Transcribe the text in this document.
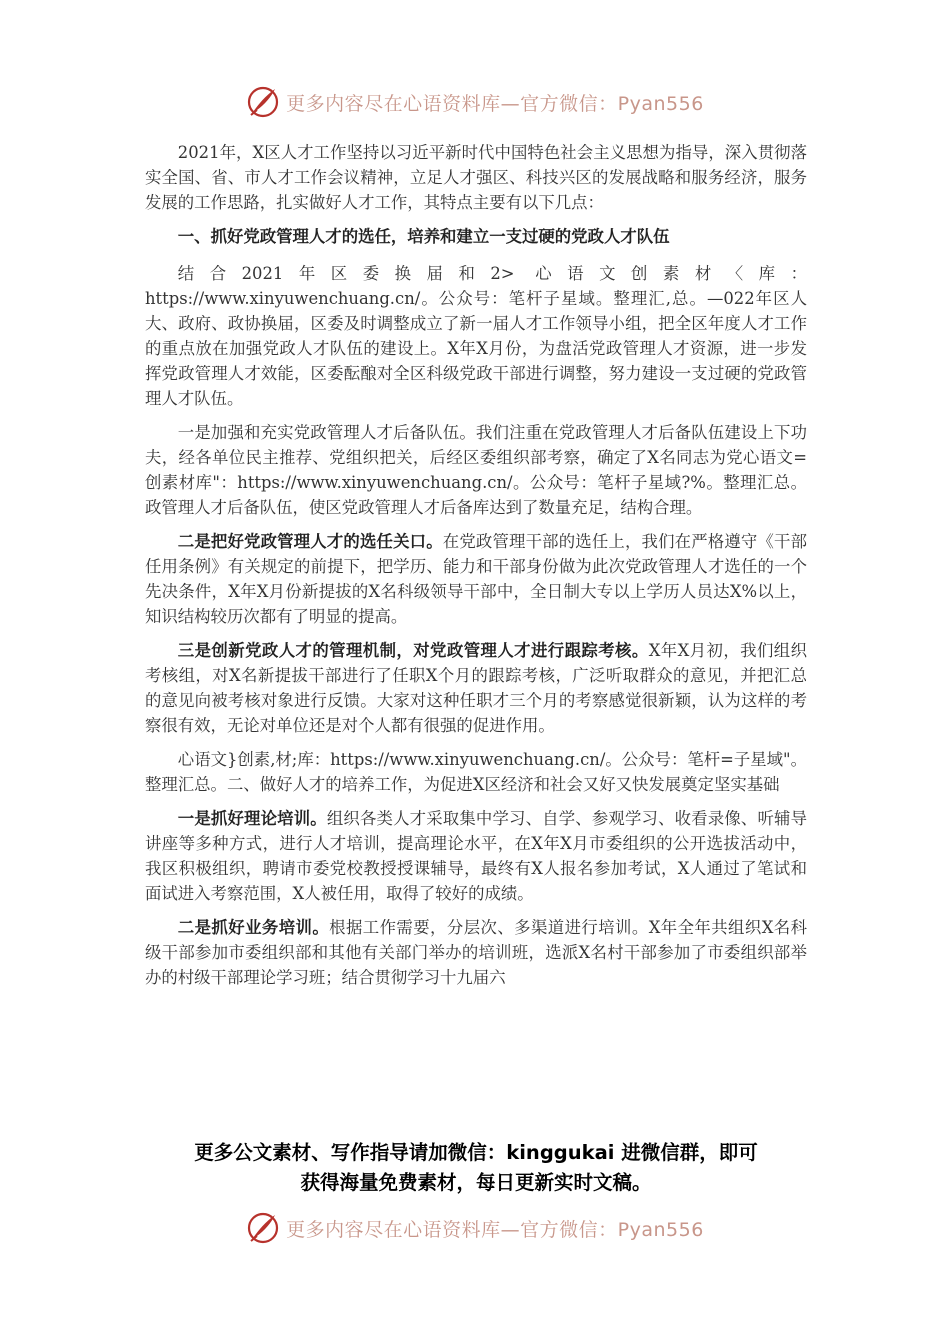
更多内容尽在心语资料库—官方微信：Pyan556

2021年，X区人才工作坚持以习近平新时代中国特色社会主义思想为指导，深入贯彻落实全国、省、市人才工作会议精神，立足人才强区、科技兴区的发展战略和服务经济，服务发展的工作思路，扎实做好人才工作，其特点主要有以下几点：

一、抓好党政管理人才的选任，培养和建立一支过硬的党政人才队伍

结合2021年区委换届和2> 心语文创素材〈库：https://www.xinyuwenchuang.cn/。公众号：笔杆子星域。整理汇,总。—022年区人大、政府、政协换届，区委及时调整成立了新一届人才工作领导小组，把全区年度人才工作的重点放在加强党政人才队伍的建设上。X年X月份，为盘活党政管理人才资源，进一步发挥党政管理人才效能，区委酝酿对全区科级党政干部进行调整，努力建设一支过硬的党政管理人才队伍。

一是加强和充实党政管理人才后备队伍。我们注重在党政管理人才后备队伍建设上下功夫，经各单位民主推荐、党组织把关，后经区委组织部考察，确定了X名同志为党心语文=创素材库"：https://www.xinyuwenchuang.cn/。公众号：笔杆子星域?%。整理汇总。政管理人才后备队伍，使区党政管理人才后备库达到了数量充足，结构合理。

二是把好党政管理人才的选任关口。在党政管理干部的选任上，我们在严格遵守《干部任用条例》有关规定的前提下，把学历、能力和干部身份做为此次党政管理人才选任的一个先决条件，X年X月份新提拔的X名科级领导干部中，全日制大专以上学历人员达X%以上，知识结构较历次都有了明显的提高。

三是创新党政人才的管理机制，对党政管理人才进行跟踪考核。X年X月初，我们组织考核组，对X名新提拔干部进行了任职X个月的跟踪考核，广泛听取群众的意见，并把汇总的意见向被考核对象进行反馈。大家对这种任职才三个月的考察感觉很新颖，认为这样的考察很有效，无论对单位还是对个人都有很强的促进作用。

心语文}创素,材;库：https://www.xinyuwenchuang.cn/。公众号：笔杆=子星域"。整理汇总。二、做好人才的培养工作，为促进X区经济和社会又好又快发展奠定坚实基础

一是抓好理论培训。组织各类人才采取集中学习、自学、参观学习、收看录像、听辅导讲座等多种方式，进行人才培训，提高理论水平，在X年X月市委组织的公开选拔活动中，我区积极组织，聘请市委党校教授授课辅导，最终有X人报名参加考试，X人通过了笔试和面试进入考察范围，X人被任用，取得了较好的成绩。

二是抓好业务培训。根据工作需要，分层次、多渠道进行培训。X年全年共组织X名科级干部参加市委组织部和其他有关部门举办的培训班，选派X名村干部参加了市委组织部举办的村级干部理论学习班；结合贯彻学习十九届六

更多公文素材、写作指导请加微信：kinggukai 进微信群，即可
获得海量免费素材，每日更新实时文稿。
更多内容尽在心语资料库—官方微信：Pyan556
